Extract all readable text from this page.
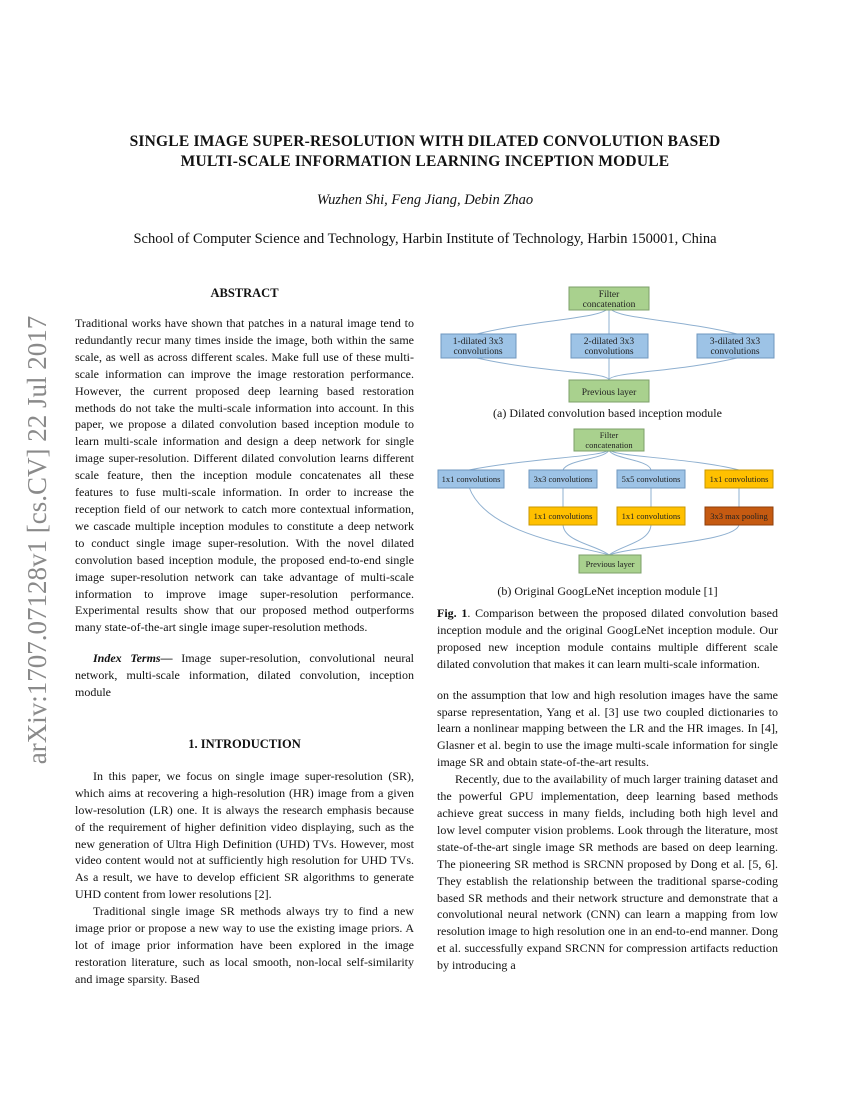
arXiv:1707.07128v1 [cs.CV] 22 Jul 2017
SINGLE IMAGE SUPER-RESOLUTION WITH DILATED CONVOLUTION BASED
MULTI-SCALE INFORMATION LEARNING INCEPTION MODULE
Wuzhen Shi, Feng Jiang, Debin Zhao
School of Computer Science and Technology, Harbin Institute of Technology, Harbin 150001, China
ABSTRACT

Traditional works have shown that patches in a natural image tend to redundantly recur many times inside the image, both within the same scale, as well as across different scales. Make full use of these multi-scale information can improve the image restoration performance. However, the current proposed deep learning based restoration methods do not take the multi-scale information into account. In this paper, we propose a dilated convolution based inception module to learn multi-scale information and design a deep network for single image super-resolution. Different dilated convolution learns different scale feature, then the inception module concatenates all these features to fuse multi-scale information. In order to increase the reception field of our network to catch more contextual information, we cascade multiple inception modules to constitute a deep network to conduct single image super-resolution. With the novel dilated convolution based inception module, the proposed end-to-end single image super-resolution network can take advantage of multi-scale information to improve image super-resolution performance. Experimental results show that our proposed method outperforms many state-of-the-art single image super-resolution methods.

Index Terms— Image super-resolution, convolutional neural network, multi-scale information, dilated convolution, inception module

1. INTRODUCTION

In this paper, we focus on single image super-resolution (SR), which aims at recovering a high-resolution (HR) image from a given low-resolution (LR) one. It is always the research emphasis because of the requirement of higher definition video displaying, such as the new generation of Ultra High Definition (UHD) TVs. However, most video content would not at sufficiently high resolution for UHD TVs. As a result, we have to develop efficient SR algorithms to generate UHD content from lower resolutions [2].

Traditional single image SR methods always try to find a new image prior or propose a new way to use the existing image priors. A lot of image prior information have been explored in the image restoration literature, such as local smooth, non-local self-similarity and image sparsity. Based

Filter
concatenation
1-dilated 3x3
convolutions
2-dilated 3x3
convolutions
3-dilated 3x3
convolutions
Previous layer
(a) Dilated convolution based inception module
Filter
concatenation
1x1 convolutions	3x3 convolutions	5x5 convolutions	1x1 convolutions
1x1 convolutions	1x1 convolutions	3x3 max pooling
Previous layer
(b) Original GoogLeNet inception module [1]

Fig. 1. Comparison between the proposed dilated convolution based inception module and the original GoogLeNet inception module. Our proposed new inception module contains multiple different scale dilated convolution that makes it can learn multi-scale information.

on the assumption that low and high resolution images have the same sparse representation, Yang et al. [3] use two coupled dictionaries to learn a nonlinear mapping between the LR and the HR images. In [4], Glasner et al. begin to use the image multi-scale information for single image SR and obtain state-of-the-art results.

Recently, due to the availability of much larger training dataset and the powerful GPU implementation, deep learning based methods achieve great success in many fields, including both high level and low level computer vision problems. Look through the literature, most state-of-the-art single image SR methods are based on deep learning. The pioneering SR method is SRCNN proposed by Dong et al. [5, 6]. They establish the relationship between the traditional sparse-coding based SR methods and their network structure and demonstrate that a convolutional neural network (CNN) can learn a mapping from low resolution image to high resolution one in an end-to-end manner. Dong et al. successfully expand SRCNN for compression artifacts reduction by introducing a
